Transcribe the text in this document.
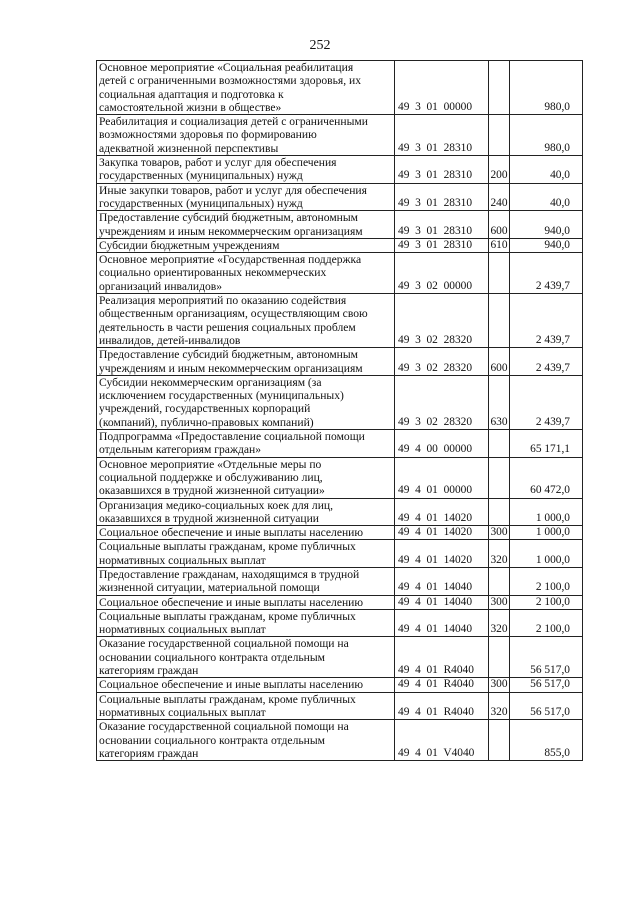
252
Основное мероприятие «Социальная реабилитация
детей с ограниченными возможностями здоровья, их
социальная адаптация и подготовка к
самостоятельной жизни в обществе»	49  3  01  00000		980,0
Реабилитация и социализация детей с ограниченными
возможностями здоровья по формированию
адекватной жизненной перспективы	49  3  01  28310		980,0
Закупка товаров, работ и услуг для обеспечения
государственных (муниципальных) нужд	49  3  01  28310	200	40,0
Иные закупки товаров, работ и услуг для обеспечения
государственных (муниципальных) нужд	49  3  01  28310	240	40,0
Предоставление субсидий бюджетным, автономным
учреждениям и иным некоммерческим организациям	49  3  01  28310	600	940,0
Субсидии бюджетным учреждениям	49  3  01  28310	610	940,0
Основное мероприятие «Государственная поддержка
социально ориентированных некоммерческих
организаций инвалидов»	49  3  02  00000		2 439,7
Реализация мероприятий по оказанию содействия
общественным организациям, осуществляющим свою
деятельность в части решения социальных проблем
инвалидов, детей-инвалидов	49  3  02  28320		2 439,7
Предоставление субсидий бюджетным, автономным
учреждениям и иным некоммерческим организациям	49  3  02  28320	600	2 439,7
Субсидии некоммерческим организациям (за
исключением государственных (муниципальных)
учреждений, государственных корпораций
(компаний), публично-правовых компаний)	49  3  02  28320	630	2 439,7
Подпрограмма «Предоставление социальной помощи
отдельным категориям граждан»	49  4  00  00000		65 171,1
Основное мероприятие «Отдельные меры по
социальной поддержке и обслуживанию лиц,
оказавшихся в трудной жизненной ситуации»	49  4  01  00000		60 472,0
Организация медико-социальных коек для лиц,
оказавшихся в трудной жизненной ситуации	49  4  01  14020		1 000,0
Социальное обеспечение и иные выплаты населению	49  4  01  14020	300	1 000,0
Социальные выплаты гражданам, кроме публичных
нормативных социальных выплат	49  4  01  14020	320	1 000,0
Предоставление гражданам, находящимся в трудной
жизненной ситуации, материальной помощи	49  4  01  14040		2 100,0
Социальное обеспечение и иные выплаты населению	49  4  01  14040	300	2 100,0
Социальные выплаты гражданам, кроме публичных
нормативных социальных выплат	49  4  01  14040	320	2 100,0
Оказание государственной социальной помощи на
основании социального контракта отдельным
категориям граждан	49  4  01  R4040		56 517,0
Социальное обеспечение и иные выплаты населению	49  4  01  R4040	300	56 517,0
Социальные выплаты гражданам, кроме публичных
нормативных социальных выплат	49  4  01  R4040	320	56 517,0
Оказание государственной социальной помощи на
основании социального контракта отдельным
категориям граждан	49  4  01  V4040		855,0
